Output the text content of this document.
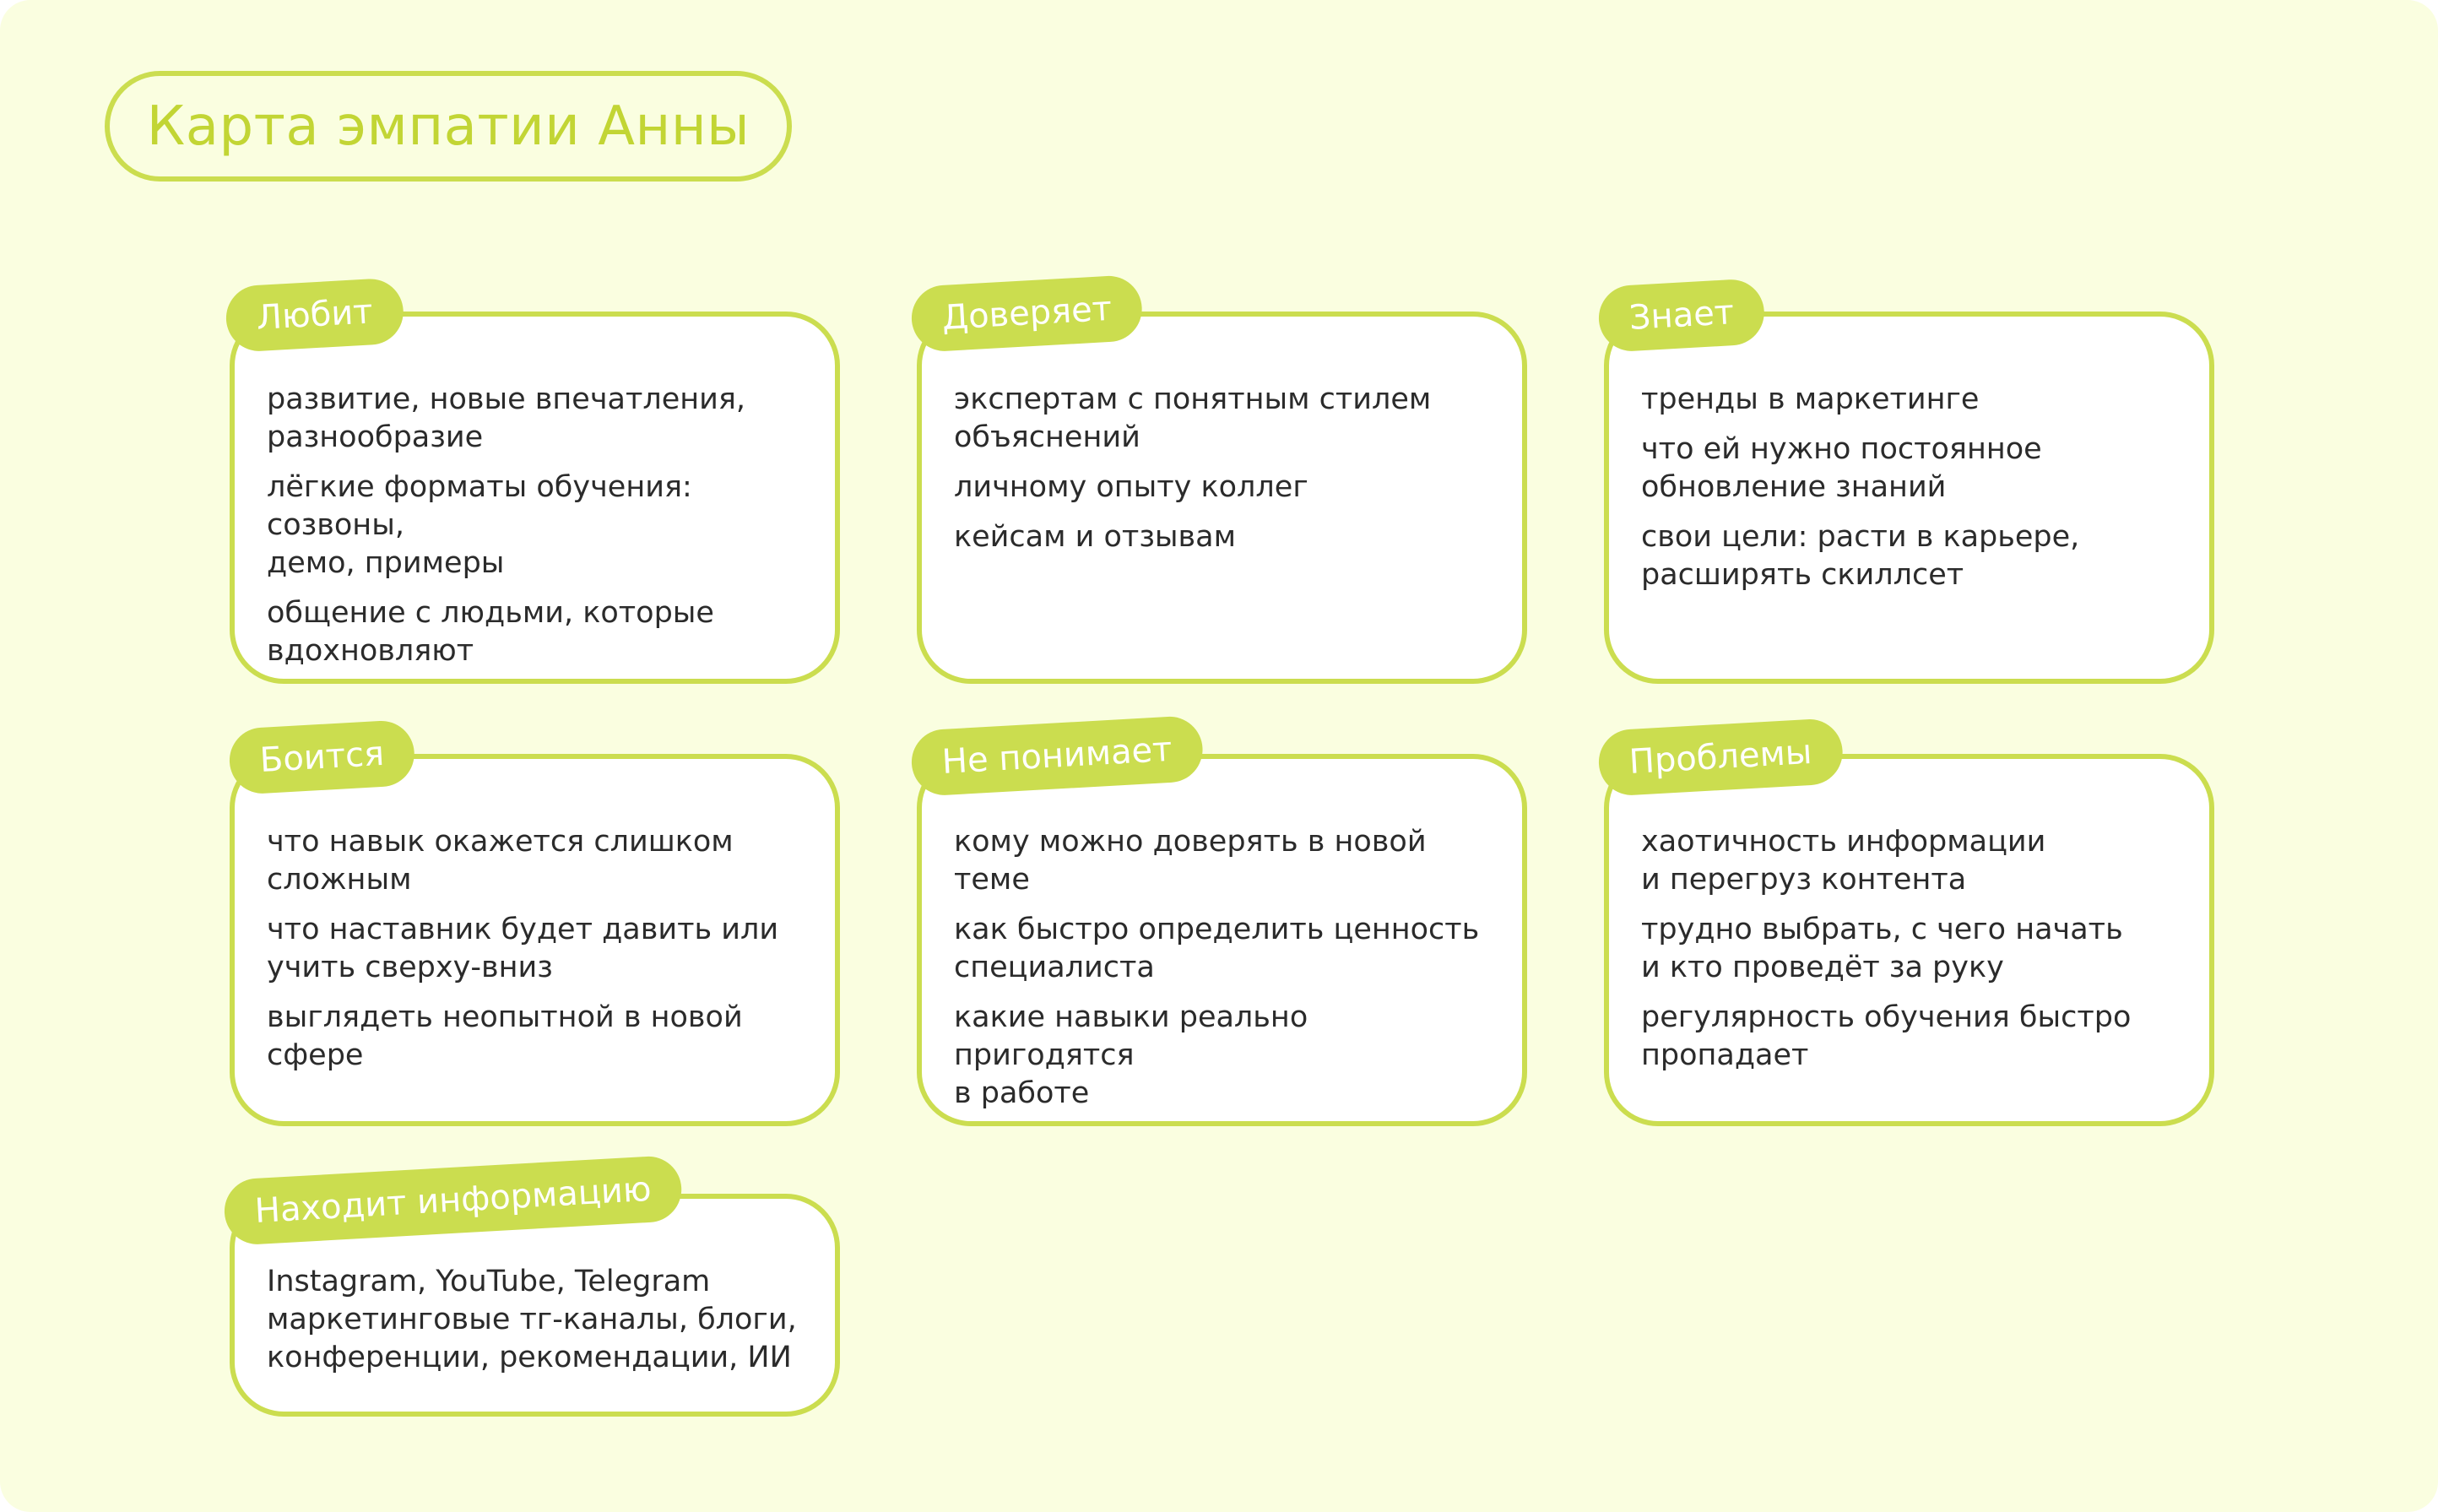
Карта эмпатии Анны
развитие, новые впечатления,
разнообразие
лёгкие форматы обучения: созвоны,
демо, примеры
общение с людьми, которые
вдохновляют
Любит
экспертам с понятным стилем
объяснений
личному опыту коллег
кейсам и отзывам
Доверяет
тренды в маркетинге
что ей нужно постоянное
обновление знаний
свои цели: расти в карьере,
расширять скиллсет
Знает
что навык окажется слишком
сложным
что наставник будет давить или
учить сверху-вниз
выглядеть неопытной в новой сфере
Боится
кому можно доверять в новой теме
как быстро определить ценность
специалиста
какие навыки реально пригодятся
в работе
Не понимает
хаотичность информации
и перегруз контента
трудно выбрать, с чего начать
и кто проведёт за руку
регулярность обучения быстро
пропадает
Проблемы
Instagram, YouTube, Telegram
маркетинговые тг-каналы, блоги,
конференции, рекомендации, ИИ
Находит информацию
